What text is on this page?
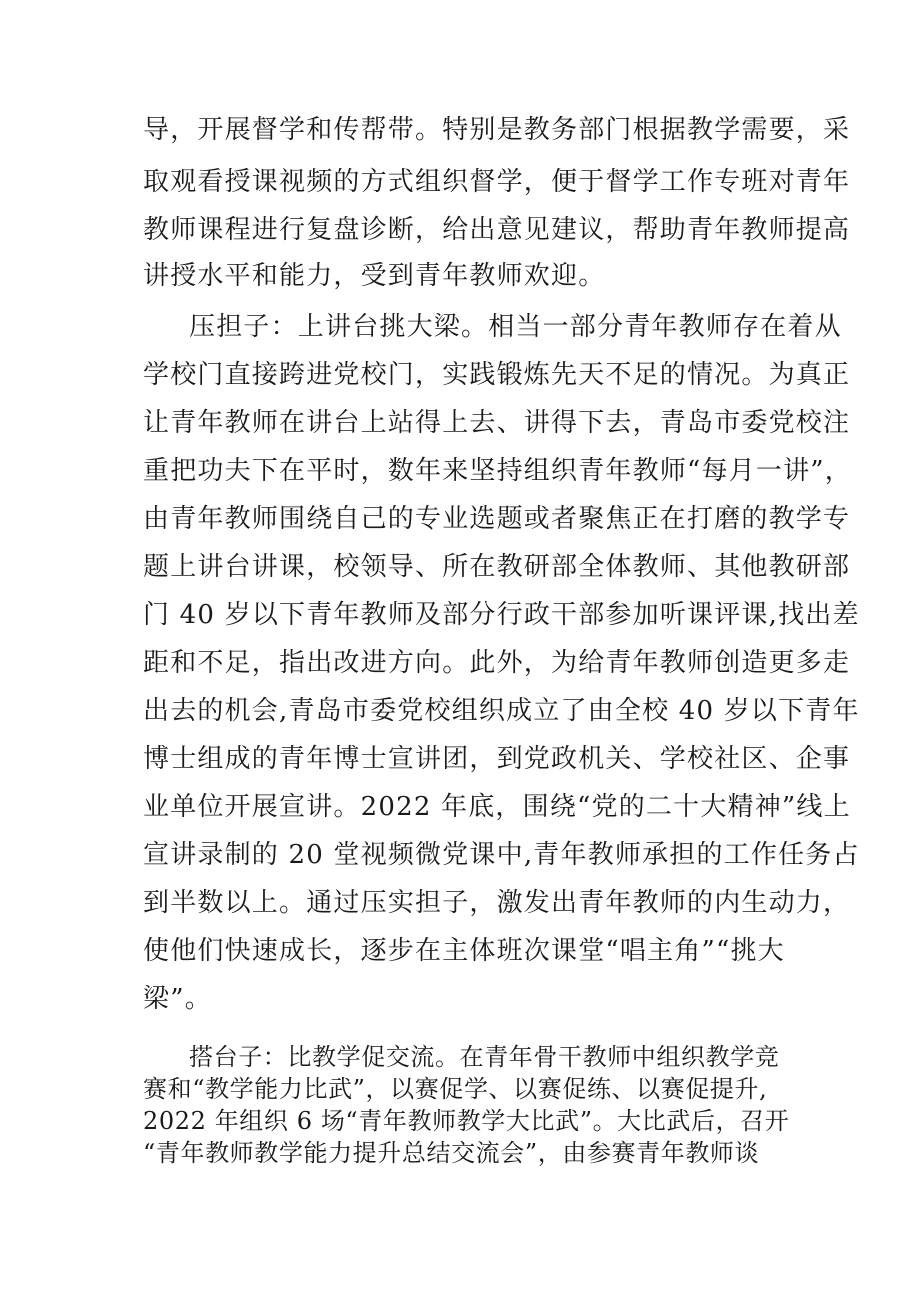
导，开展督学和传帮带。特别是教务部门根据教学需要，采
取观看授课视频的方式组织督学，便于督学工作专班对青年
教师课程进行复盘诊断，给出意见建议，帮助青年教师提高
讲授水平和能力，受到青年教师欢迎。
压担子：上讲台挑大梁。相当一部分青年教师存在着从
学校门直接跨进党校门，实践锻炼先天不足的情况。为真正
让青年教师在讲台上站得上去、讲得下去，青岛市委党校注
重把功夫下在平时，数年来坚持组织青年教师“每月一讲”，
由青年教师围绕自己的专业选题或者聚焦正在打磨的教学专
题上讲台讲课，校领导、所在教研部全体教师、其他教研部
门 40 岁以下青年教师及部分行政干部参加听课评课,找出差
距和不足，指出改进方向。此外，为给青年教师创造更多走
出去的机会,青岛市委党校组织成立了由全校 40 岁以下青年
博士组成的青年博士宣讲团，到党政机关、学校社区、企事
业单位开展宣讲。2022 年底，围绕“党的二十大精神”线上
宣讲录制的 20 堂视频微党课中,青年教师承担的工作任务占
到半数以上。通过压实担子，激发出青年教师的内生动力，
使他们快速成长，逐步在主体班次课堂“唱主角”“挑大
梁”。
搭台子：比教学促交流。在青年骨干教师中组织教学竞
赛和“教学能力比武”，以赛促学、以赛促练、以赛促提升,
2022 年组织 6 场“青年教师教学大比武”。大比武后，召开
“青年教师教学能力提升总结交流会”，由参赛青年教师谈
